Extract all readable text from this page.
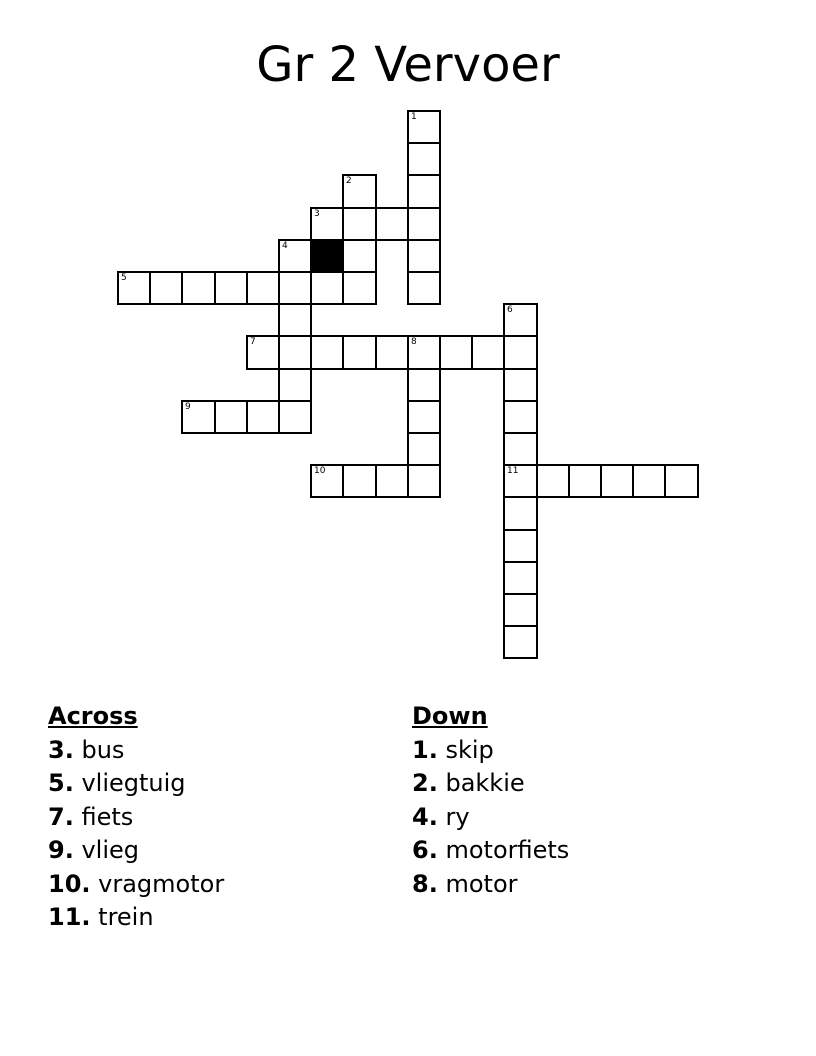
Gr 2 Vervoer
1
2
3
4
5
6
11
7	8
9
10
Across
3. bus
5. vliegtuig
7. fiets
9. vlieg
10. vragmotor
11. trein
Down
1. skip
2. bakkie
4. ry
6. motorfiets
8. motor
